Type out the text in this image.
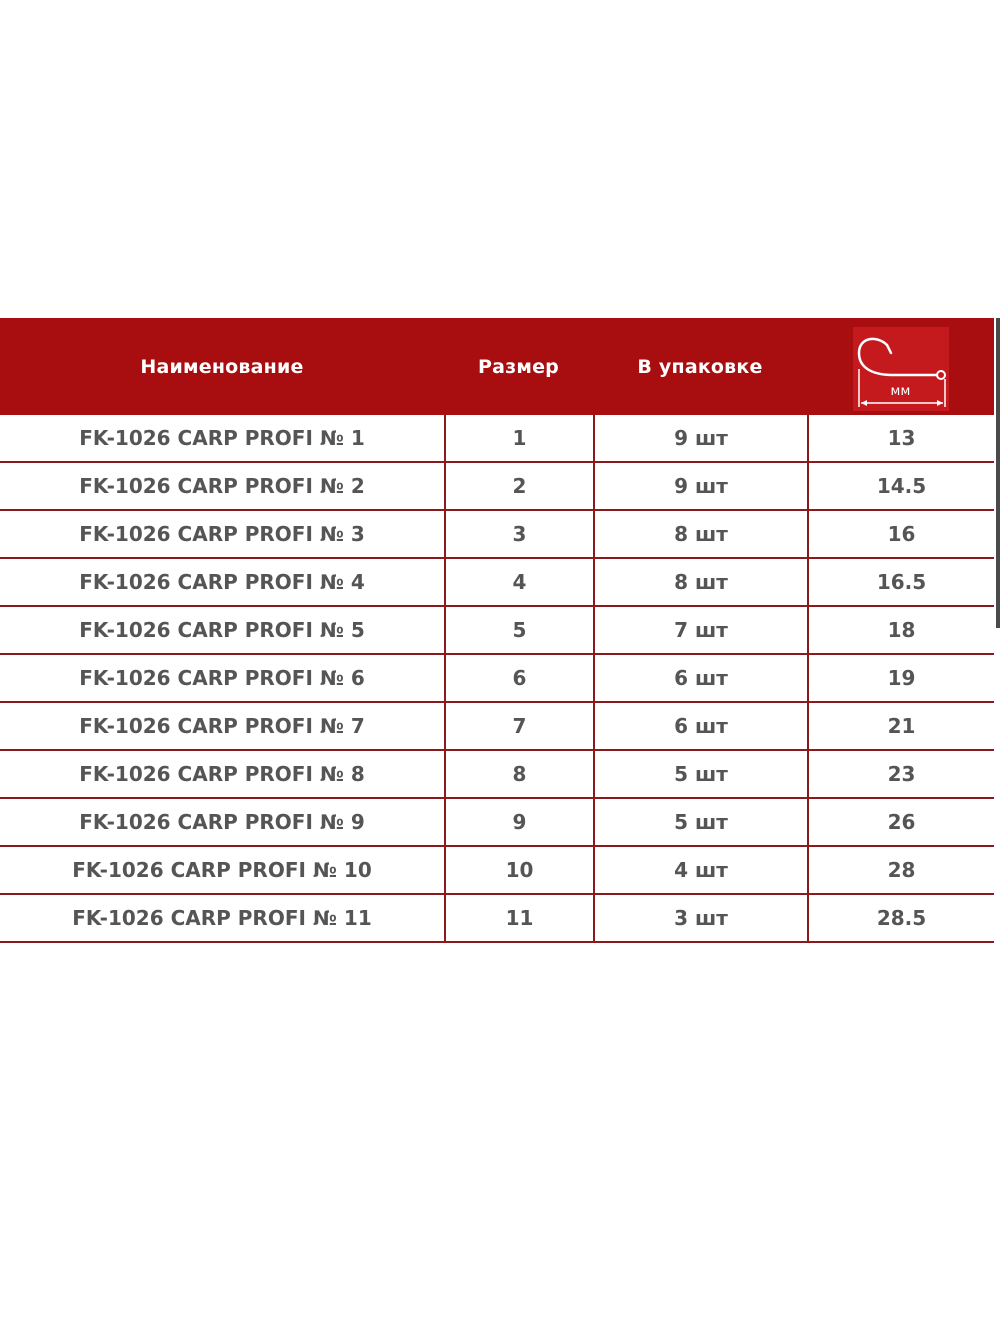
Наименование	Размер	В упаковке
мм
FK-1026 CARP PROFI № 1	1	9 шт	13
FK-1026 CARP PROFI № 2	2	9 шт	14.5
FK-1026 CARP PROFI № 3	3	8 шт	16
FK-1026 CARP PROFI № 4	4	8 шт	16.5
FK-1026 CARP PROFI № 5	5	7 шт	18
FK-1026 CARP PROFI № 6	6	6 шт	19
FK-1026 CARP PROFI № 7	7	6 шт	21
FK-1026 CARP PROFI № 8	8	5 шт	23
FK-1026 CARP PROFI № 9	9	5 шт	26
FK-1026 CARP PROFI № 10	10	4 шт	28
FK-1026 CARP PROFI № 11	11	3 шт	28.5
